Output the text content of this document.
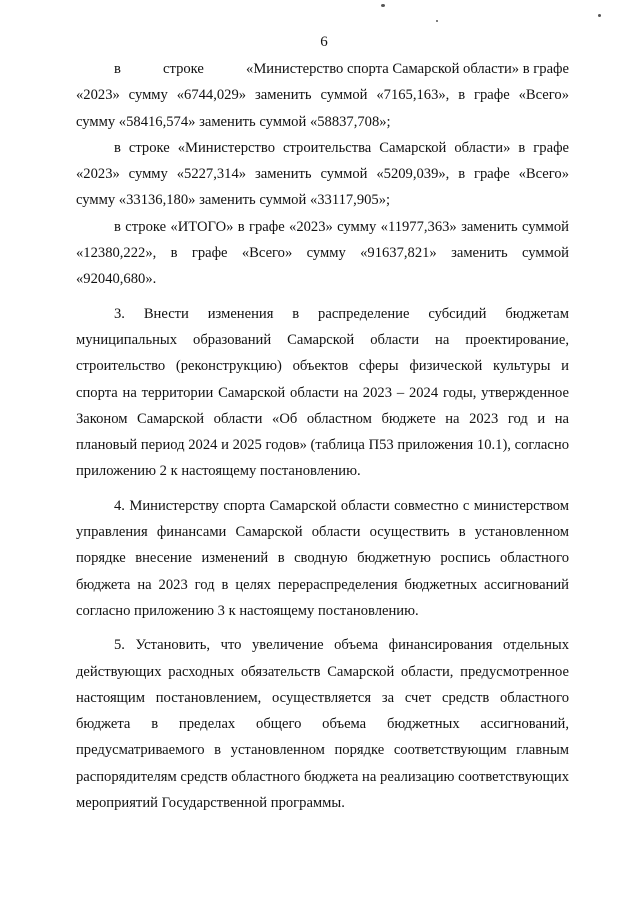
6
в	строке	«Министерство спорта Самарской области» в графе
«2023» сумму «6744,029» заменить суммой «7165,163», в графе «Всего» сумму «58416,574» заменить суммой «58837,708»;

в строке «Министерство строительства Самарской области» в графе «2023» сумму «5227,314» заменить суммой «5209,039», в графе «Всего» сумму «33136,180» заменить суммой «33117,905»;

в строке «ИТОГО» в графе «2023» сумму «11977,363» заменить суммой «12380,222», в графе «Всего» сумму «91637,821» заменить суммой «92040,680».

3. Внести изменения в распределение субсидий бюджетам муниципальных образований Самарской области на проектирование, строительство (реконструкцию) объектов сферы физической культуры и спорта на территории Самарской области на 2023 – 2024 годы, утвержденное Законом Самарской области «Об областном бюджете на 2023 год и на плановый период 2024 и 2025 годов» (таблица П53 приложения 10.1), согласно приложению 2 к настоящему постановлению.

4. Министерству спорта Самарской области совместно с министерством управления финансами Самарской области осуществить в установленном порядке внесение изменений в сводную бюджетную роспись областного бюджета на 2023 год в целях перераспределения бюджетных ассигнований согласно приложению 3 к настоящему постановлению.

5. Установить, что увеличение объема финансирования отдельных действующих расходных обязательств Самарской области, предусмотренное настоящим постановлением, осуществляется за счет средств областного бюджета в пределах общего объема бюджетных ассигнований, предусматриваемого в установленном порядке соответствующим главным распорядителям средств областного бюджета на реализацию соответствующих мероприятий Государственной программы.
